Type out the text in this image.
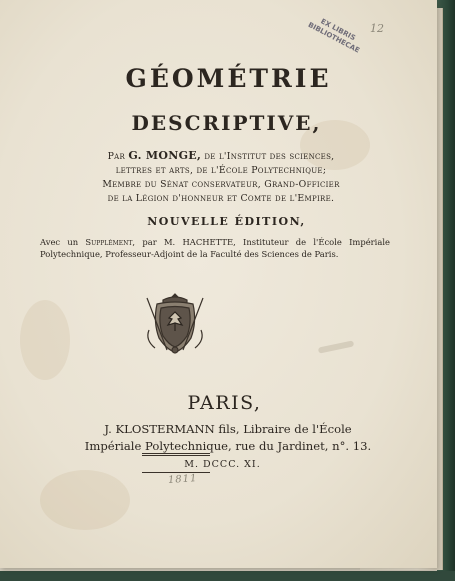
GÉOMÉTRIE
DESCRIPTIVE,
Par G. MONGE, de l'Institut des sciences,
lettres et arts, de l'École Polytechnique;
Membre du Sénat conservateur, Grand-Officier
de la Légion d'honneur et Comte de l'Empire.
NOUVELLE ÉDITION,
Avec un Supplément, par M. HACHETTE, Instituteur de l'École Impériale Polytechnique, Professeur-Adjoint de la Faculté des Sciences de Paris.
PARIS,
J. KLOSTERMANN fils, Libraire de l'École
Impériale Polytechnique, rue du Jardinet, n°. 13.
M. DCCC. XI.
12
1811
EX LIBRIS BIBLIOTHECAE
